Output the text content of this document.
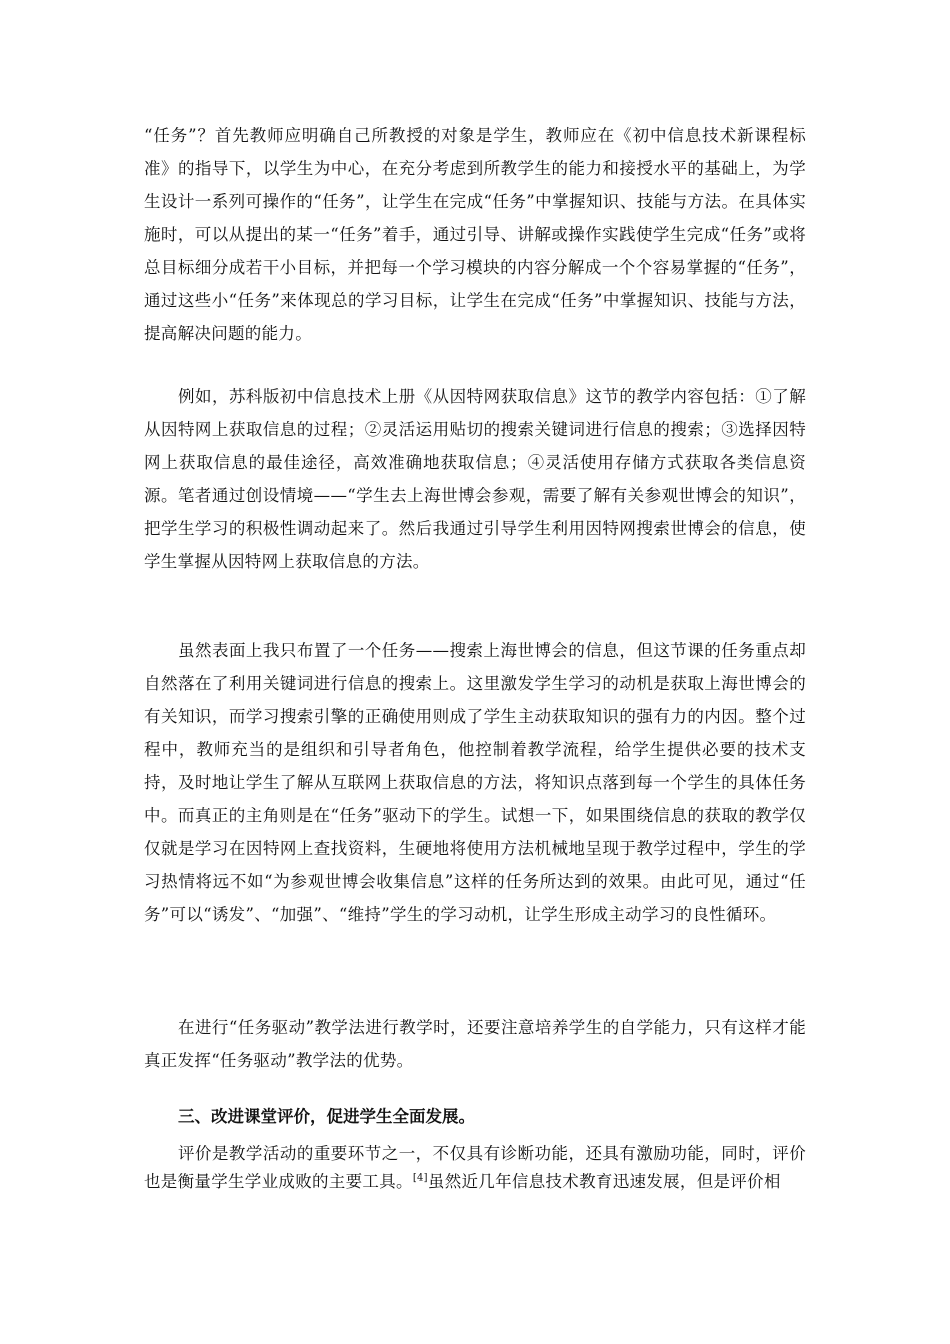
“任务”？首先教师应明确自己所教授的对象是学生，教师应在《初中信息技术新课程标准》的指导下，以学生为中心，在充分考虑到所教学生的能力和接授水平的基础上，为学生设计一系列可操作的“任务”，让学生在完成“任务”中掌握知识、技能与方法。在具体实施时，可以从提出的某一“任务”着手，通过引导、讲解或操作实践使学生完成“任务”或将总目标细分成若干小目标，并把每一个学习模块的内容分解成一个个容易掌握的“任务”，通过这些小“任务”来体现总的学习目标，让学生在完成“任务”中掌握知识、技能与方法，提高解决问题的能力。

例如，苏科版初中信息技术上册《从因特网获取信息》这节的教学内容包括：①了解从因特网上获取信息的过程；②灵活运用贴切的搜索关键词进行信息的搜索；③选择因特网上获取信息的最佳途径，高效准确地获取信息；④灵活使用存储方式获取各类信息资源。笔者通过创设情境——“学生去上海世博会参观，需要了解有关参观世博会的知识”，把学生学习的积极性调动起来了。然后我通过引导学生利用因特网搜索世博会的信息，使学生掌握从因特网上获取信息的方法。

虽然表面上我只布置了一个任务——搜索上海世博会的信息，但这节课的任务重点却自然落在了利用关键词进行信息的搜索上。这里激发学生学习的动机是获取上海世博会的有关知识，而学习搜索引擎的正确使用则成了学生主动获取知识的强有力的内因。整个过程中，教师充当的是组织和引导者角色，他控制着教学流程，给学生提供必要的技术支持，及时地让学生了解从互联网上获取信息的方法，将知识点落到每一个学生的具体任务中。而真正的主角则是在“任务”驱动下的学生。试想一下，如果围绕信息的获取的教学仅仅就是学习在因特网上查找资料，生硬地将使用方法机械地呈现于教学过程中，学生的学习热情将远不如“为参观世博会收集信息”这样的任务所达到的效果。由此可见，通过“任务”可以“诱发”、“加强”、“维持”学生的学习动机，让学生形成主动学习的良性循环。

在进行“任务驱动”教学法进行教学时，还要注意培养学生的自学能力，只有这样才能真正发挥“任务驱动”教学法的优势。

三、改进课堂评价，促进学生全面发展。

评价是教学活动的重要环节之一，不仅具有诊断功能，还具有激励功能，同时，评价也是衡量学生学业成败的主要工具。[4]虽然近几年信息技术教育迅速发展，但是评价相
